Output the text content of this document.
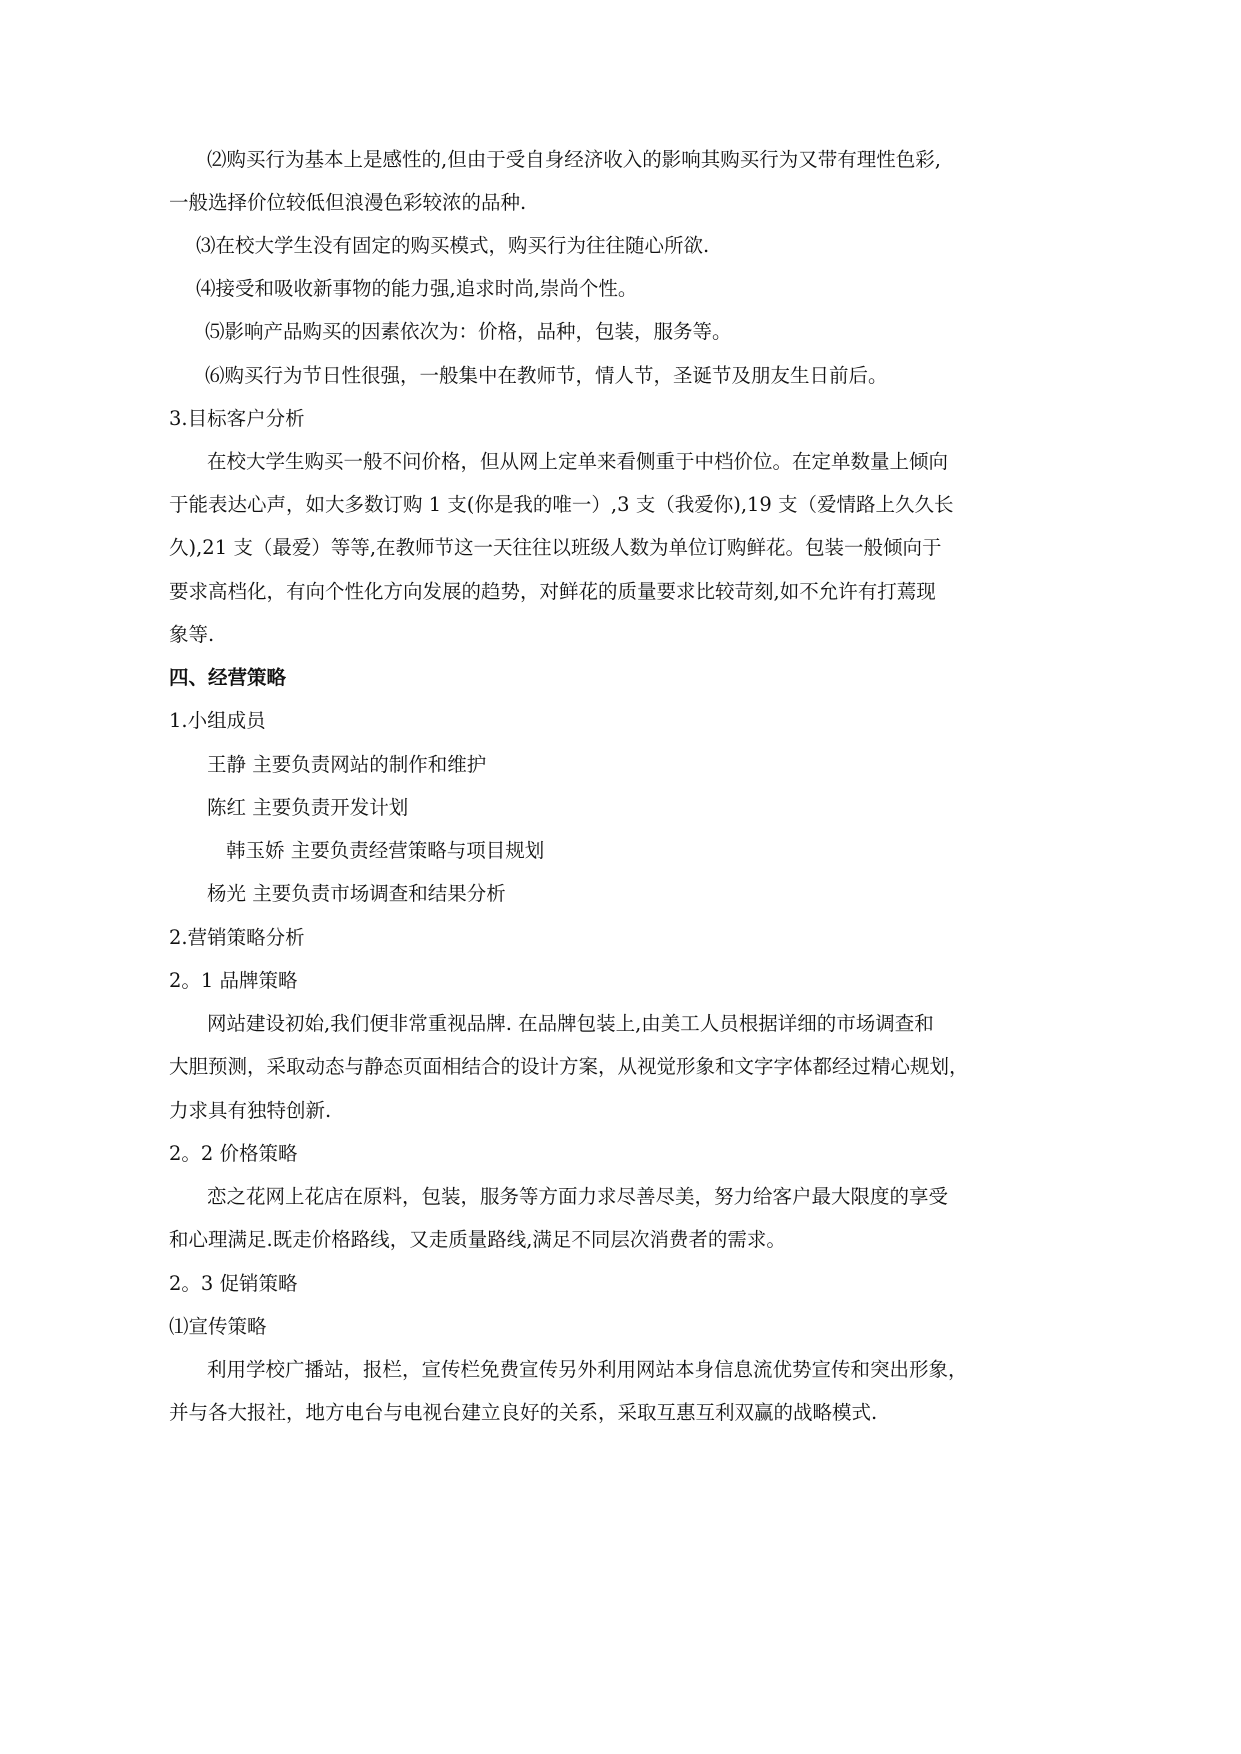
⑵购买行为基本上是感性的,但由于受自身经济收入的影响其购买行为又带有理性色彩,
一般选择价位较低但浪漫色彩较浓的品种.
⑶在校大学生没有固定的购买模式，购买行为往往随心所欲.
⑷接受和吸收新事物的能力强,追求时尚,崇尚个性。
⑸影响产品购买的因素依次为：价格，品种，包装，服务等。
⑹购买行为节日性很强，一般集中在教师节，情人节，圣诞节及朋友生日前后。
3.目标客户分析
在校大学生购买一般不问价格，但从网上定单来看侧重于中档价位。在定单数量上倾向
于能表达心声，如大多数订购 1 支(你是我的唯一）,3 支（我爱你),19 支（爱情路上久久长
久),21 支（最爱）等等,在教师节这一天往往以班级人数为单位订购鲜花。包装一般倾向于
要求高档化，有向个性化方向发展的趋势，对鲜花的质量要求比较苛刻,如不允许有打蔫现
象等.
四、经营策略
1.小组成员
王静 主要负责网站的制作和维护
陈红 主要负责开发计划
韩玉娇 主要负责经营策略与项目规划
杨光 主要负责市场调查和结果分析
2.营销策略分析
2。1 品牌策略
网站建设初始,我们便非常重视品牌. 在品牌包装上,由美工人员根据详细的市场调查和
大胆预测，采取动态与静态页面相结合的设计方案，从视觉形象和文字字体都经过精心规划，
力求具有独特创新.
2。2 价格策略
恋之花网上花店在原料，包装，服务等方面力求尽善尽美，努力给客户最大限度的享受
和心理满足.既走价格路线，又走质量路线,满足不同层次消费者的需求。
2。3 促销策略
⑴宣传策略
利用学校广播站，报栏，宣传栏免费宣传另外利用网站本身信息流优势宣传和突出形象，
并与各大报社，地方电台与电视台建立良好的关系，采取互惠互利双赢的战略模式.
